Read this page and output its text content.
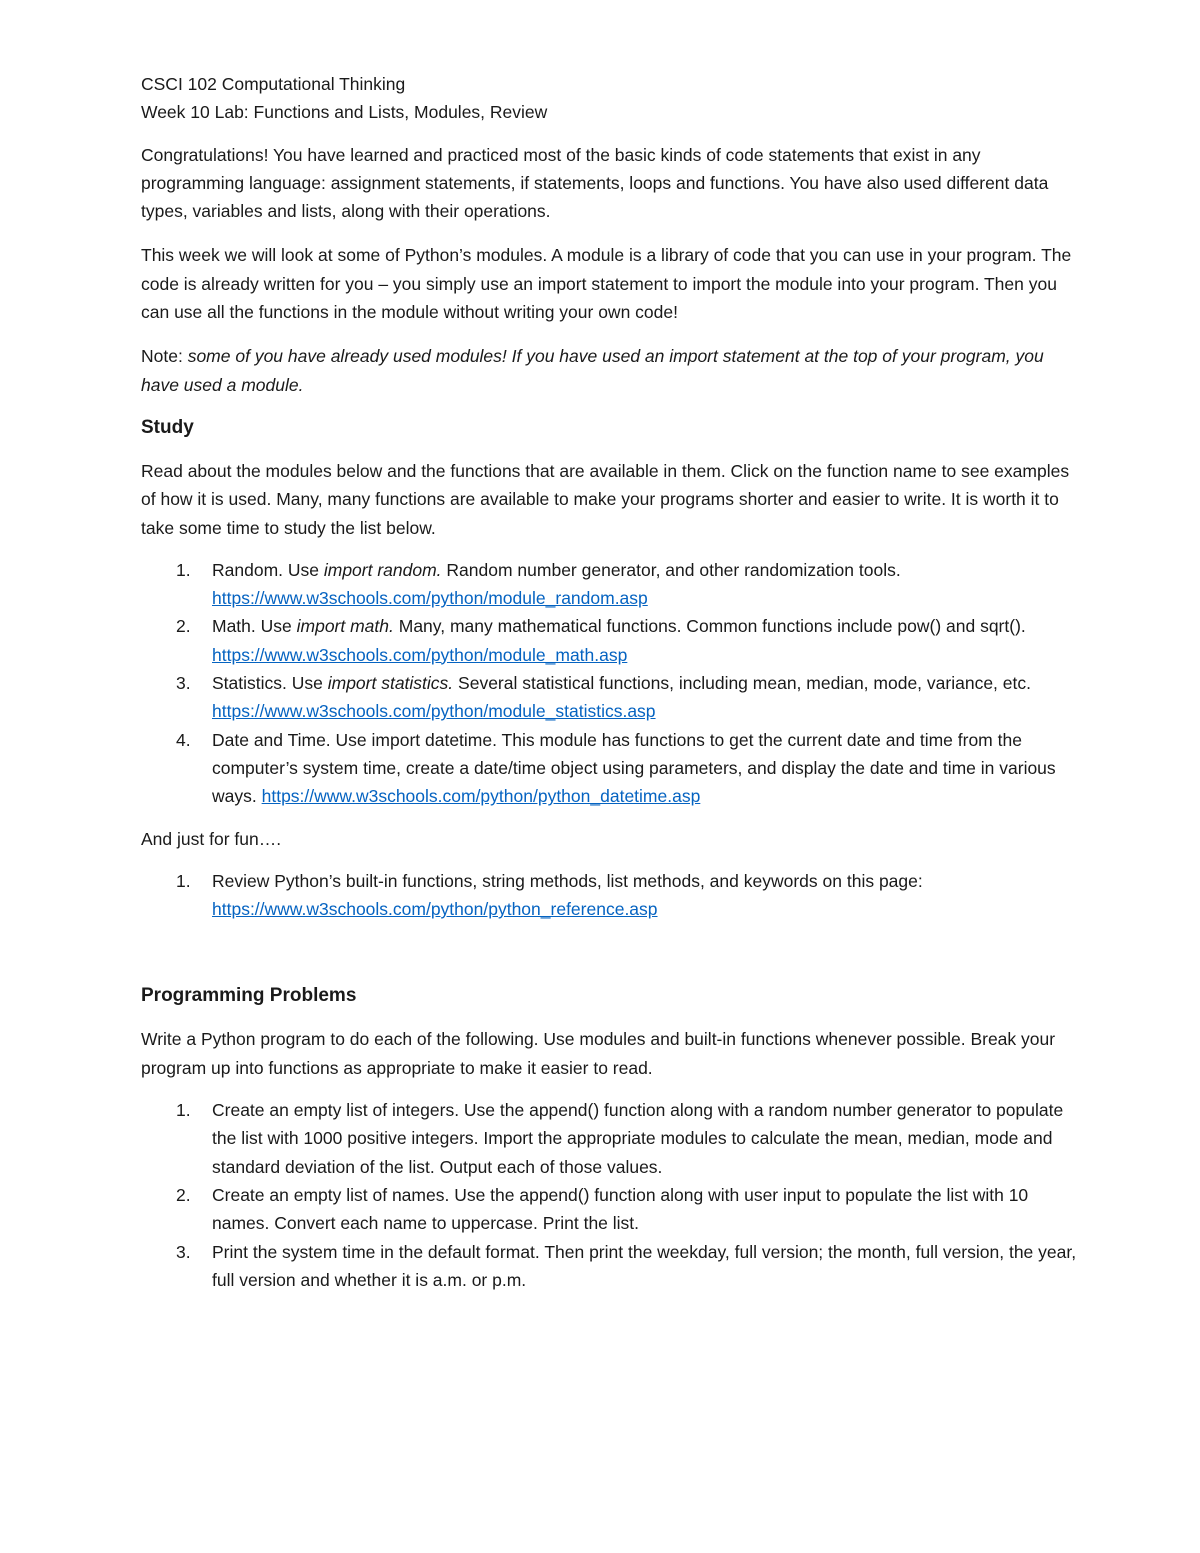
CSCI 102 Computational Thinking

Week 10 Lab: Functions and Lists, Modules, Review

Congratulations! You have learned and practiced most of the basic kinds of code statements that exist in any programming language: assignment statements, if statements, loops and functions. You have also used different data types, variables and lists, along with their operations.

This week we will look at some of Python’s modules. A module is a library of code that you can use in your program. The code is already written for you – you simply use an import statement to import the module into your program. Then you can use all the functions in the module without writing your own code!

Note: some of you have already used modules! If you have used an import statement at the top of your program, you have used a module.

Study

Read about the modules below and the functions that are available in them. Click on the function name to see examples of how it is used. Many, many functions are available to make your programs shorter and easier to write. It is worth it to take some time to study the list below.

1. Random. Use import random. Random number generator, and other randomization tools. https://www.w3schools.com/python/module_random.asp
2. Math. Use import math. Many, many mathematical functions. Common functions include pow() and sqrt(). https://www.w3schools.com/python/module_math.asp
3. Statistics. Use import statistics. Several statistical functions, including mean, median, mode, variance, etc. https://www.w3schools.com/python/module_statistics.asp
4. Date and Time. Use import datetime. This module has functions to get the current date and time from the computer’s system time, create a date/time object using parameters, and display the date and time in various ways. https://www.w3schools.com/python/python_datetime.asp

And just for fun….

1. Review Python’s built-in functions, string methods, list methods, and keywords on this page: https://www.w3schools.com/python/python_reference.asp
Programming Problems

Write a Python program to do each of the following. Use modules and built-in functions whenever possible. Break your program up into functions as appropriate to make it easier to read.

1. Create an empty list of integers. Use the append() function along with a random number generator to populate the list with 1000 positive integers. Import the appropriate modules to calculate the mean, median, mode and standard deviation of the list. Output each of those values.
2. Create an empty list of names. Use the append() function along with user input to populate the list with 10 names. Convert each name to uppercase. Print the list.
3. Print the system time in the default format. Then print the weekday, full version; the month, full version, the year, full version and whether it is a.m. or p.m.
